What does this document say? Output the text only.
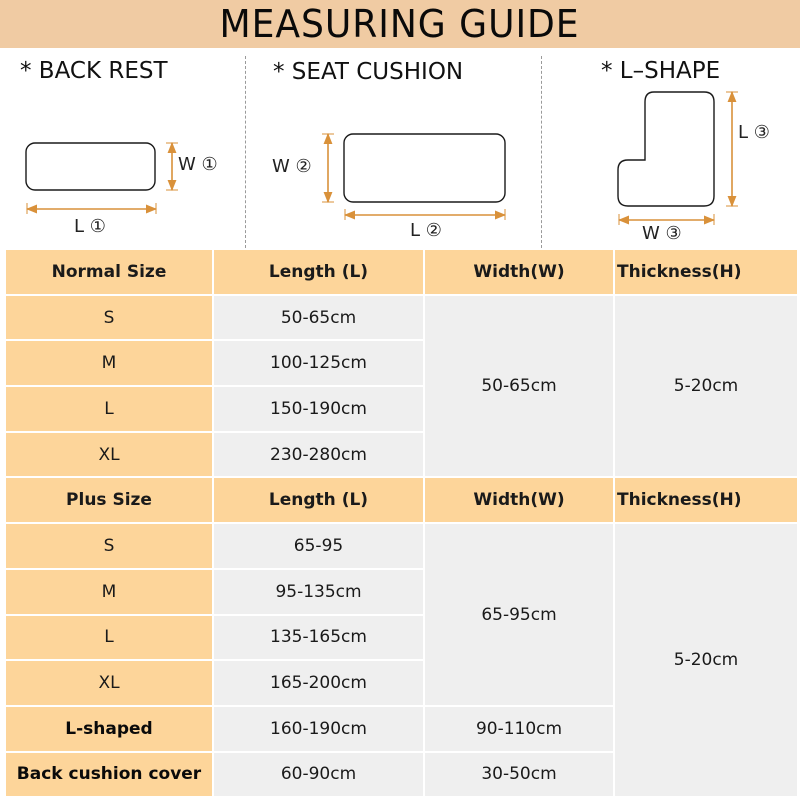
MEASURING GUIDE
* BACK REST
W ①
L ①
* SEAT CUSHION
W ②
L ②
* L–SHAPE
L ③
W ③
Normal Size	Length (L)	Width(W)	Thickness(H)
S	50-65cm	50-65cm	5-20cm
M	100-125cm		
L	150-190cm		
XL	230-280cm		
Plus Size	Length (L)	Width(W)	Thickness(H)
S	65-95	65-95cm	5-20cm
M	95-135cm		
L	135-165cm		
XL	165-200cm		
L-shaped	160-190cm	90-110cm	
Back cushion cover	60-90cm	30-50cm	
